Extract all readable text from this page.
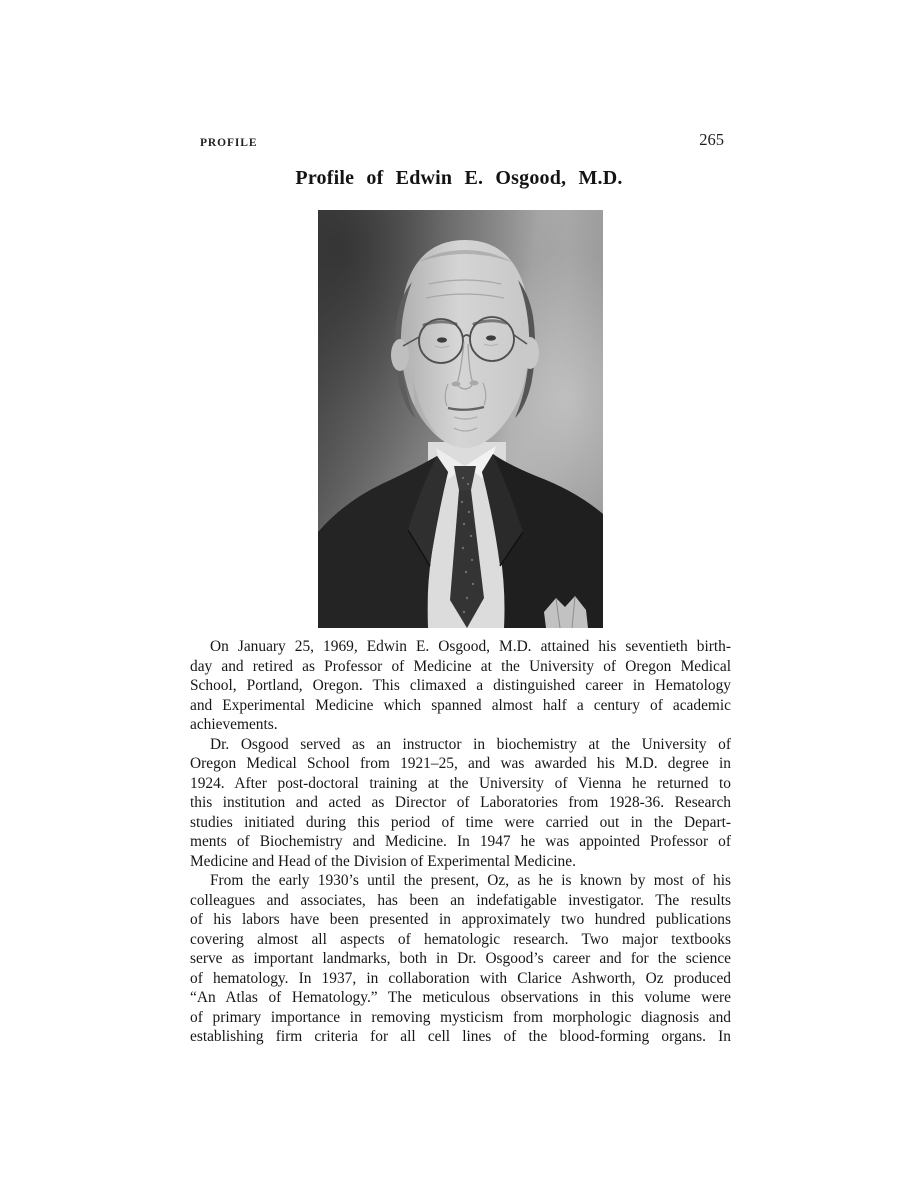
PROFILE	265
Profile of Edwin E. Osgood, M.D.
On January 25, 1969, Edwin E. Osgood, M.D. attained his seventieth birth-
day and retired as Professor of Medicine at the University of Oregon Medical
School, Portland, Oregon. This climaxed a distinguished career in Hematology
and Experimental Medicine which spanned almost half a century of academic
achievements.
Dr. Osgood served as an instructor in biochemistry at the University of
Oregon Medical School from 1921–25, and was awarded his M.D. degree in
1924. After post-doctoral training at the University of Vienna he returned to
this institution and acted as Director of Laboratories from 1928-36. Research
studies initiated during this period of time were carried out in the Depart-
ments of Biochemistry and Medicine. In 1947 he was appointed Professor of
Medicine and Head of the Division of Experimental Medicine.
From the early 1930’s until the present, Oz, as he is known by most of his
colleagues and associates, has been an indefatigable investigator. The results
of his labors have been presented in approximately two hundred publications
covering almost all aspects of hematologic research. Two major textbooks
serve as important landmarks, both in Dr. Osgood’s career and for the science
of hematology. In 1937, in collaboration with Clarice Ashworth, Oz produced
“An Atlas of Hematology.” The meticulous observations in this volume were
of primary importance in removing mysticism from morphologic diagnosis and
establishing firm criteria for all cell lines of the blood-forming organs. In
